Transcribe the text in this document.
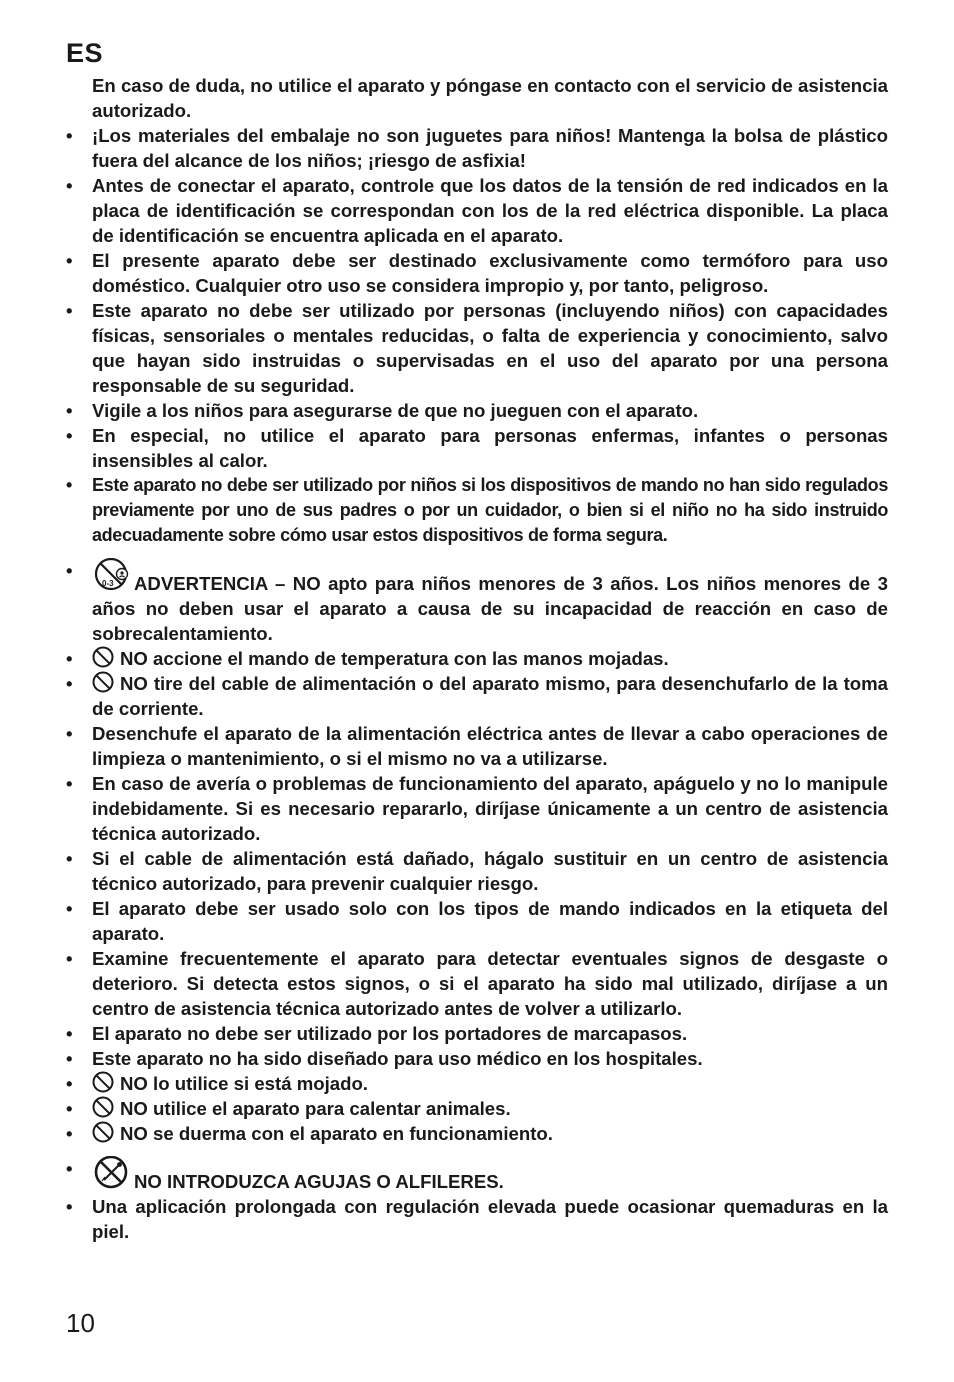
ES

En caso de duda, no utilice el aparato y póngase en contacto con el servicio de asistencia autorizado.

• ¡Los materiales del embalaje no son juguetes para niños! Mantenga la bolsa de plástico fuera del alcance de los niños; ¡riesgo de asfixia!

• Antes de conectar el aparato, controle que los datos de la tensión de red indicados en la placa de identificación se correspondan con los de la red eléctrica disponible. La placa de identificación se encuentra aplicada en el aparato.

• El presente aparato debe ser destinado exclusivamente como termóforo para uso doméstico. Cualquier otro uso se considera impropio y, por tanto, peligroso.

• Este aparato no debe ser utilizado por personas (incluyendo niños) con capacidades físicas, sensoriales o mentales reducidas, o falta de experiencia y conocimiento, salvo que hayan sido instruidas o supervisadas en el uso del aparato por una persona responsable de su seguridad.

• Vigile a los niños para asegurarse de que no jueguen con el aparato.

• En especial, no utilice el aparato para personas enfermas, infantes o personas insensibles al calor.

• Este aparato no debe ser utilizado por niños si los dispositivos de mando no han sido regulados previamente por uno de sus padres o por un cuidador, o bien si el niño no ha sido instruido adecuadamente sobre cómo usar estos dispositivos de forma segura.

•
0-3 ADVERTENCIA – NO apto para niños menores de 3 años. Los niños menores de 3 años no deben usar el aparato a causa de su incapacidad de reacción en caso de sobrecalentamiento.

•	NO accione el mando de temperatura con las manos mojadas.

•	NO tire del cable de alimentación o del aparato mismo, para desenchufarlo de la toma de corriente.

• Desenchufe el aparato de la alimentación eléctrica antes de llevar a cabo operaciones de limpieza o mantenimiento, o si el mismo no va a utilizarse.

• En caso de avería o problemas de funcionamiento del aparato, apáguelo y no lo manipule indebidamente. Si es necesario repararlo, diríjase únicamente a un centro de asistencia técnica autorizado.

• Si el cable de alimentación está dañado, hágalo sustituir en un centro de asistencia técnico autorizado, para prevenir cualquier riesgo.

• El aparato debe ser usado solo con los tipos de mando indicados en la etiqueta del aparato.

• Examine frecuentemente el aparato para detectar eventuales signos de desgaste o deterioro. Si detecta estos signos, o si el aparato ha sido mal utilizado, diríjase a un centro de asistencia técnica autorizado antes de volver a utilizarlo.

• El aparato no debe ser utilizado por los portadores de marcapasos.

• Este aparato no ha sido diseñado para uso médico en los hospitales.

•	NO lo utilice si está mojado.

•	NO utilice el aparato para calentar animales.

•	NO se duerma con el aparato en funcionamiento.

•
NO INTRODUZCA AGUJAS O ALFILERES.

• Una aplicación prolongada con regulación elevada puede ocasionar quemaduras en la piel.

10
